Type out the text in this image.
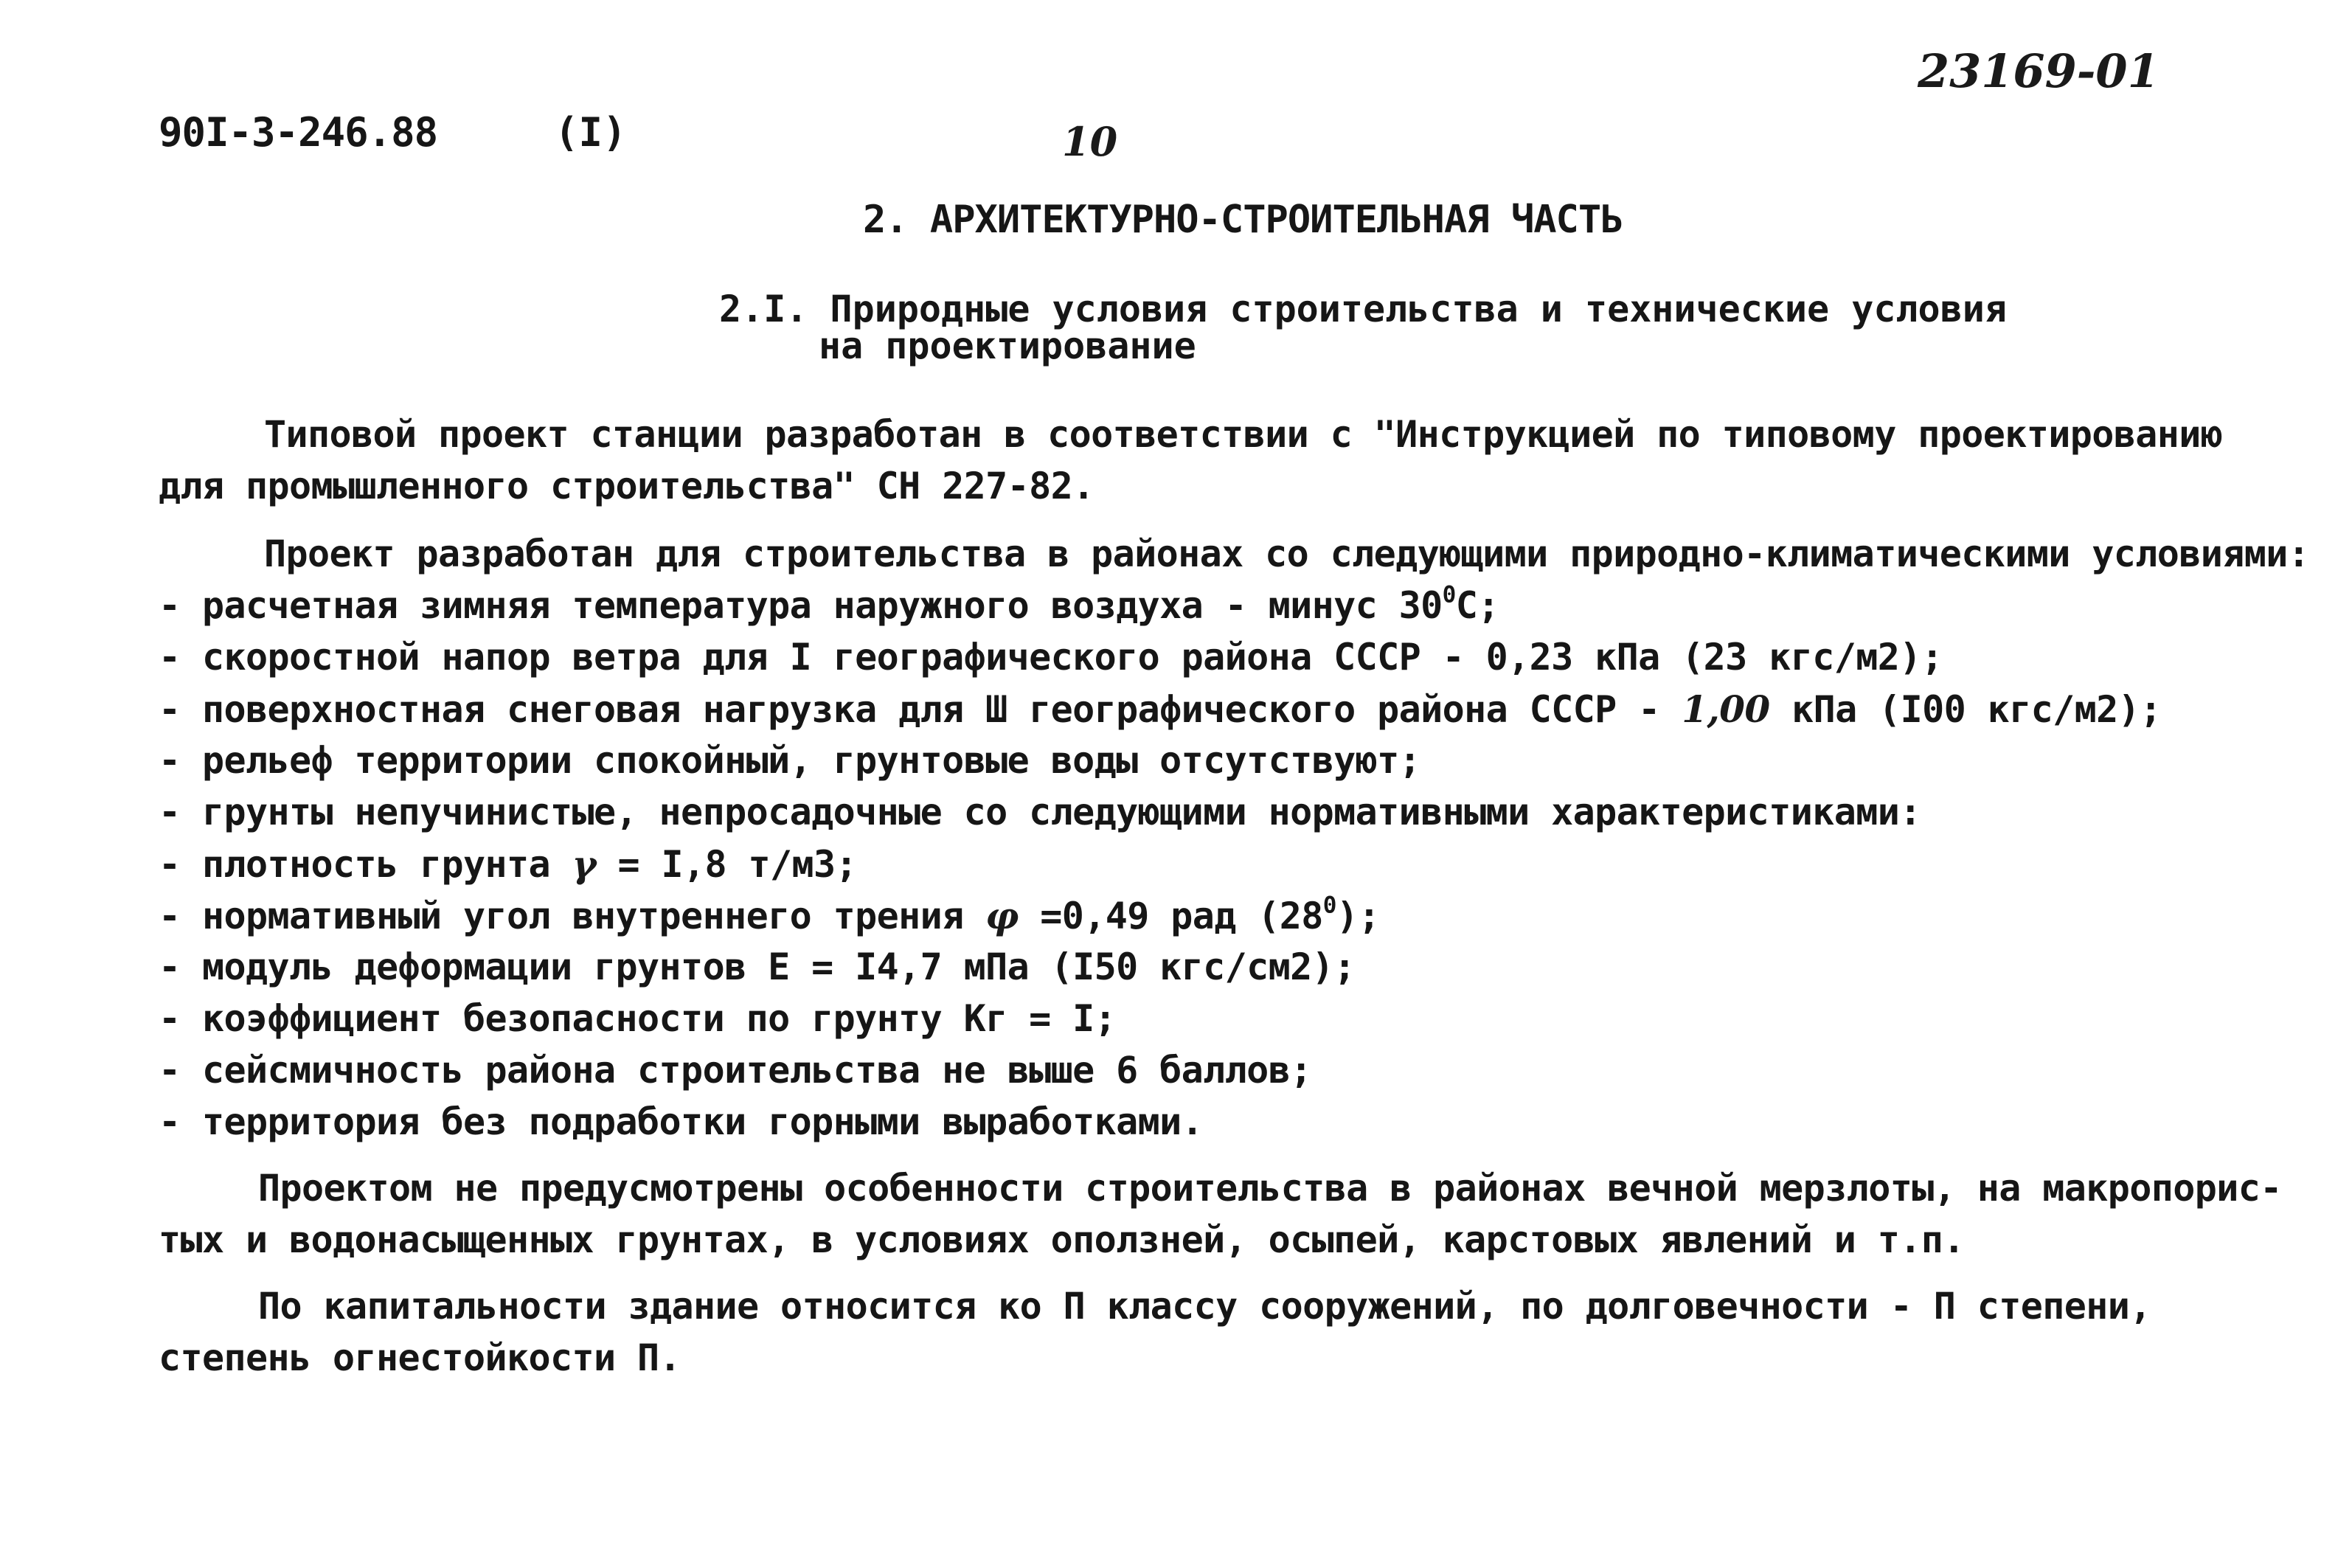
90I-3-246.88	(I)	10
23169-01
2. АРХИТЕКТУРНО-СТРОИТЕЛЬНАЯ ЧАСТЬ
2.I. Природные условия строительства и технические условия
на проектирование
Типовой проект станции разработан в соответствии с "Инструкцией по типовому проектированию
для промышленного строительства" СН 227-82.
Проект разработан для строительства в районах со следующими природно-климатическими условиями:
- расчетная зимняя температура наружного воздуха - минус $30^0С$;
- скоростной напор ветра для I географического района СССР - 0,23 кПа (23 кгс/м2);
- поверхностная снеговая нагрузка для Ш географического района СССР - 1,00 кПа (I00 кгс/м2);
- рельеф территории спокойный, грунтовые воды отсутствуют;
- грунты непучинистые, непросадочные со следующими нормативными характеристиками:
- плотность грунта γ = I,8 т/м3;
- нормативный угол внутреннего трения φ =0,49 рад $(28^0)$;
- модуль деформации грунтов Е = I4,7 мПа (I50 кгс/см2);
- коэффициент безопасности по грунту Кг = I;
- сейсмичность района строительства не выше 6 баллов;
- территория без подработки горными выработками.
Проектом не предусмотрены особенности строительства в районах вечной мерзлоты, на макропорис-
тых и водонасыщенных грунтах, в условиях оползней, осыпей, карстовых явлений и т.п.
По капитальности здание относится ко П классу сооружений, по долговечности - П степени,
степень огнестойкости П.
